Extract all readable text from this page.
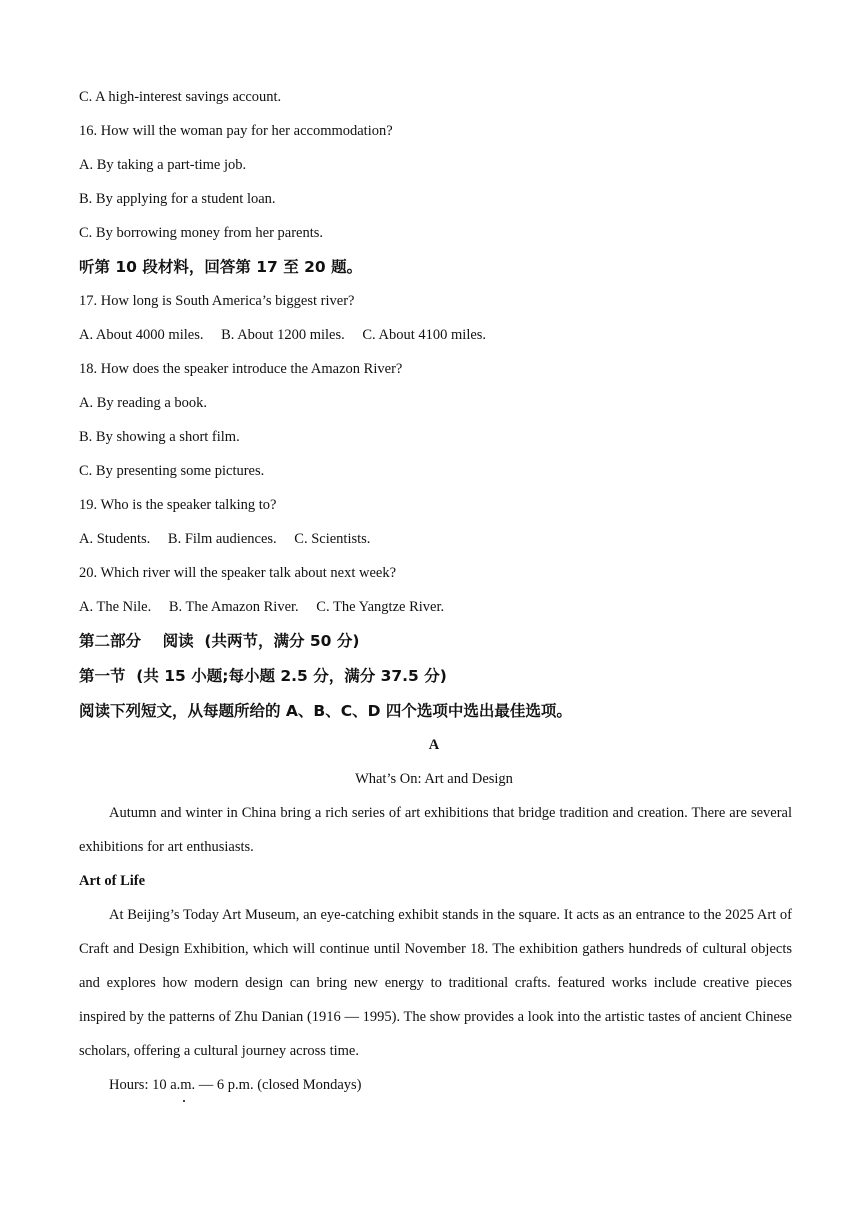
C. A high-interest savings account.
16. How will the woman pay for her accommodation?
A. By taking a part-time job.
B. By applying for a student loan.
C. By borrowing money from her parents.
听第 10 段材料，回答第 17 至 20 题。
17. How long is South America’s biggest river?
A. About 4000 miles. B. About 1200 miles. C. About 4100 miles.
18. How does the speaker introduce the Amazon River?
A. By reading a book.
B. By showing a short film.
C. By presenting some pictures.
19. Who is the speaker talking to?
A. Students. B. Film audiences. C. Scientists.
20. Which river will the speaker talk about next week?
A. The Nile. B. The Amazon River. C. The Yangtze River.
第二部分    阅读  (共两节，满分 50 分)
第一节  (共 15 小题;每小题 2.5 分，满分 37.5 分)
阅读下列短文，从每题所给的 A、B、C、D 四个选项中选出最佳选项。
A
What’s On: Art and Design
Autumn and winter in China bring a rich series of art exhibitions that bridge tradition and creation. There are several exhibitions for art enthusiasts.
Art of Life
At Beijing’s Today Art Museum, an eye-catching exhibit stands in the square. It acts as an entrance to the 2025 Art of Craft and Design Exhibition, which will continue until November 18. The exhibition gathers hundreds of cultural objects and explores how modern design can bring new energy to traditional crafts. featured works include creative pieces inspired by the patterns of Zhu Danian (1916 — 1995). The show provides a look into the artistic tastes of ancient Chinese scholars, offering a cultural journey across time.
Hours: 10 a.m. — 6 p.m. (closed Mondays)
